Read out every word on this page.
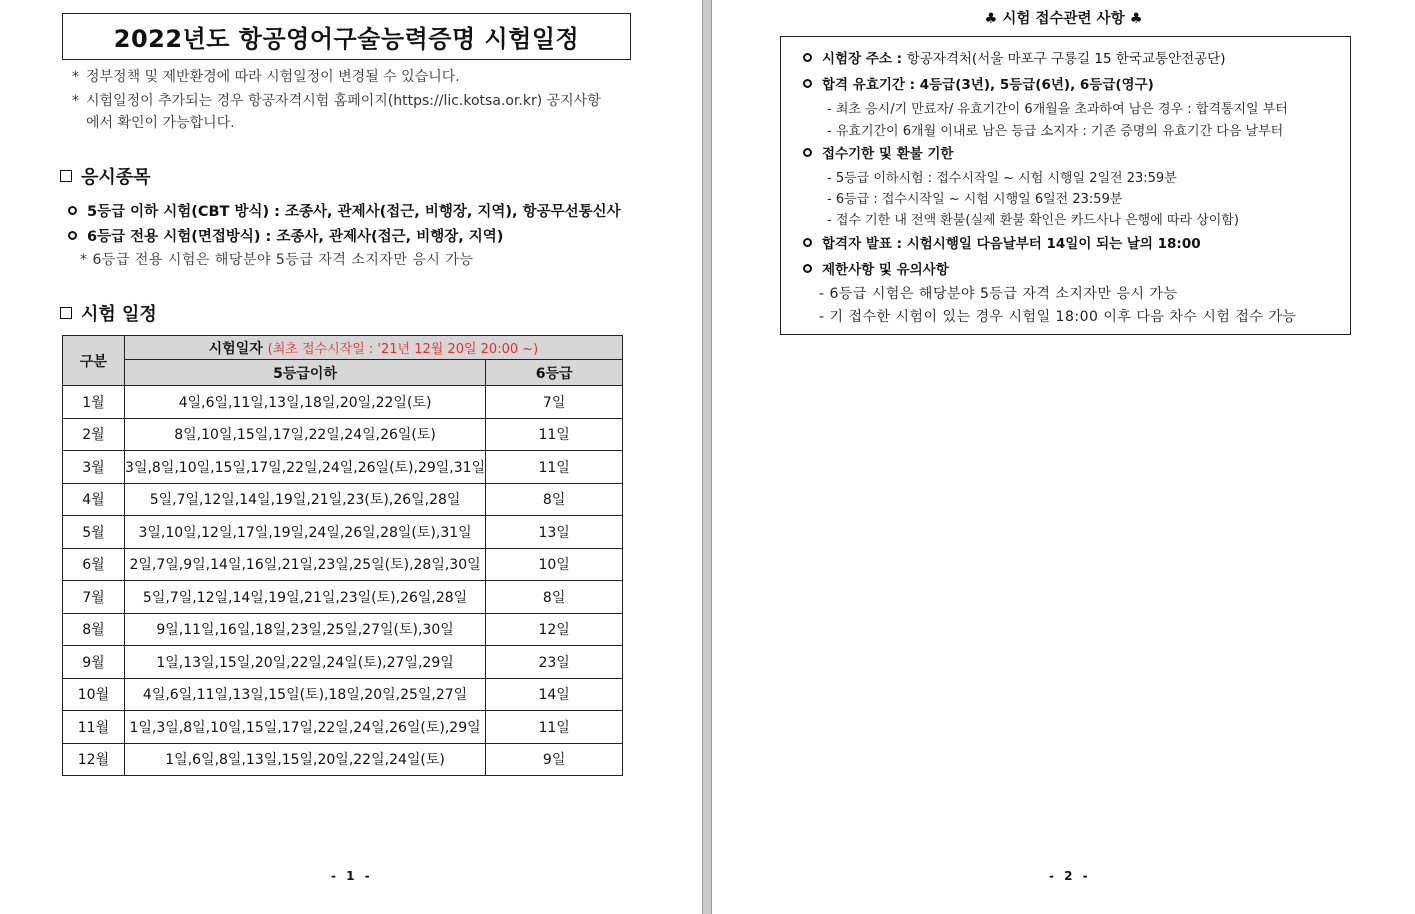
2022년도 항공영어구술능력증명 시험일정
* 정부정책 및 제반환경에 따라 시험일정이 변경될 수 있습니다.
* 시험일정이 추가되는 경우 항공자격시험 홈페이지(https://lic.kotsa.or.kr) 공지사항
에서 확인이 가능합니다.
응시종목
5등급 이하 시험(CBT 방식) : 조종사, 관제사(접근, 비행장, 지역), 항공무선통신사
6등급 전용 시험(면접방식) : 조종사, 관제사(접근, 비행장, 지역)
* 6등급 전용 시험은 해당분야 5등급 자격 소지자만 응시 가능
시험 일정
구분	시험일자 (최초 접수시작일 : '21년 12월 20일 20:00 ~)	
	5등급이하	6등급
1월	4일,6일,11일,13일,18일,20일,22일(토)	7일
2월	8일,10일,15일,17일,22일,24일,26일(토)	11일
3월	3일,8일,10일,15일,17일,22일,24일,26일(토),29일,31일	11일
4월	5일,7일,12일,14일,19일,21일,23(토),26일,28일	8일
5월	3일,10일,12일,17일,19일,24일,26일,28일(토),31일	13일
6월	2일,7일,9일,14일,16일,21일,23일,25일(토),28일,30일	10일
7월	5일,7일,12일,14일,19일,21일,23일(토),26일,28일	8일
8월	9일,11일,16일,18일,23일,25일,27일(토),30일	12일
9월	1일,13일,15일,20일,22일,24일(토),27일,29일	23일
10월	4일,6일,11일,13일,15일(토),18일,20일,25일,27일	14일
11월	1일,3일,8일,10일,15일,17일,22일,24일,26일(토),29일	11일
12월	1일,6일,8일,13일,15일,20일,22일,24일(토)	9일
- 1 -
♣ 시험 접수관련 사항 ♣
시험장 주소 :
항공자격처(서울 마포구 구룡길 15 한국교통안전공단)
합격 유효기간 : 4등급(3년), 5등급(6년), 6등급(영구)
- 최초 응시/기 만료자/ 유효기간이 6개월을 초과하여 남은 경우 : 합격통지일 부터
- 유효기간이 6개월 이내로 남은 등급 소지자 : 기존 증명의 유효기간 다음 날부터
접수기한 및 환불 기한
- 5등급 이하시험 : 접수시작일 ~ 시험 시행일 2일전 23:59분
- 6등급 : 접수시작일 ~ 시험 시행일 6일전 23:59분
- 접수 기한 내 전액 환불(실제 환불 확인은 카드사나 은행에 따라 상이함)
합격자 발표 : 시험시행일 다음날부터 14일이 되는 날의 18:00
제한사항 및 유의사항
- 6등급 시험은 해당분야 5등급 자격 소지자만 응시 가능
- 기 접수한 시험이 있는 경우 시험일 18:00 이후 다음 차수 시험 접수 가능
- 2 -
